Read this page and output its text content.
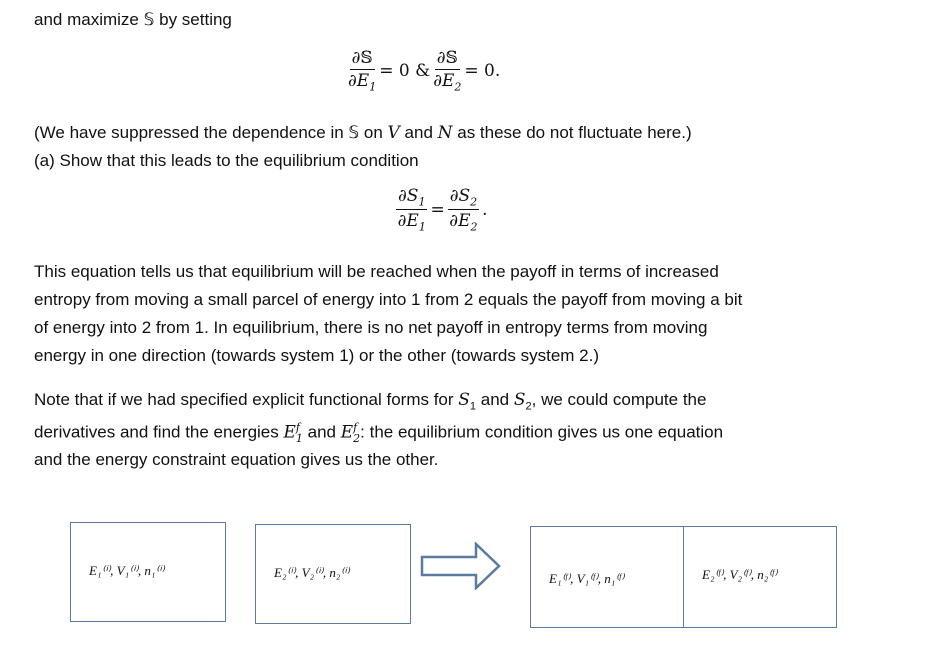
and maximize 𝕊 by setting
$\frac{\text{∂𝕊}}{\partial E_1} = 0$ & $\frac{\text{∂𝕊}}{\partial E_2} = 0$.
(We have suppressed the dependence in 𝕊 on V and N as these do not fluctuate here.)
(a) Show that this leads to the equilibrium condition
$\frac{\partial S_1}{\partial E_1} = \frac{\partial S_2}{\partial E_2}$ .
This equation tells us that equilibrium will be reached when the payoff in terms of increased
entropy from moving a small parcel of energy into 1 from 2 equals the payoff from moving a bit
of energy into 2 from 1. In equilibrium, there is no net payoff in entropy terms from moving
energy in one direction (towards system 1) or the other (towards system 2.)
Note that if we had specified explicit functional forms for $S_1$ and $S_2$, we could compute the
derivatives and find the energies E f
1 and E f
2 : the equilibrium condition gives us one equation
and the energy constraint equation gives us the other.
E₁⁽ⁱ⁾, V₁⁽ⁱ⁾, n₁⁽ⁱ⁾	E₂⁽ⁱ⁾, V₂⁽ⁱ⁾, n₂⁽ⁱ⁾	E₁⁽ᶠ⁾, V₁⁽ᶠ⁾, n₁⁽ᶠ⁾	E₂⁽ᶠ⁾, V₂⁽ᶠ⁾, n₂⁽ᶠ⁾
